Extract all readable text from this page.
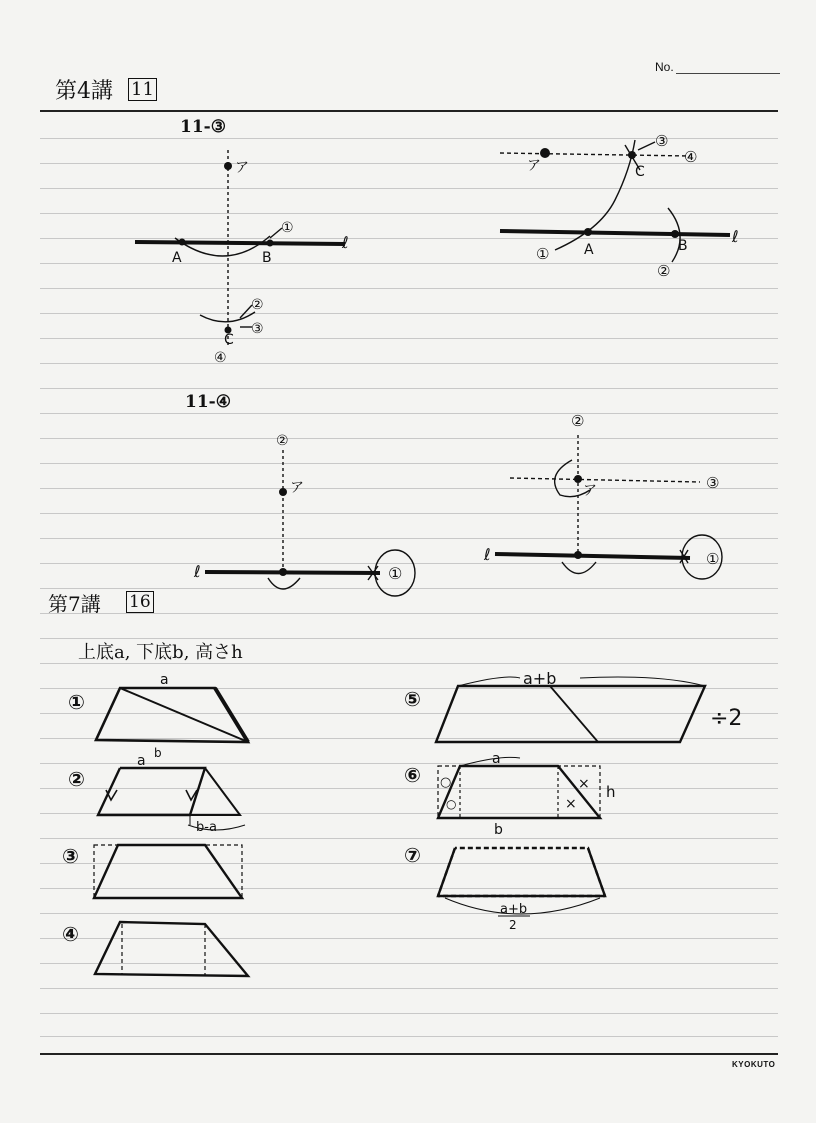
No.
第4講 11
11-③
11-④
第7講 16
上底a, 下底b, 高さh
KYOKUTO
ア
A	B
C
ℓ
①
②
③
④
ア	C
A	B	ℓ
①
②
③
④
②
ア
ℓ	①
②
ア	③
ℓ	①
①
a
②
a b
b-a
③
④
⑤
a+b
÷2
⑥
a
b
h
○
○
×
×
⑦
a+b
2
